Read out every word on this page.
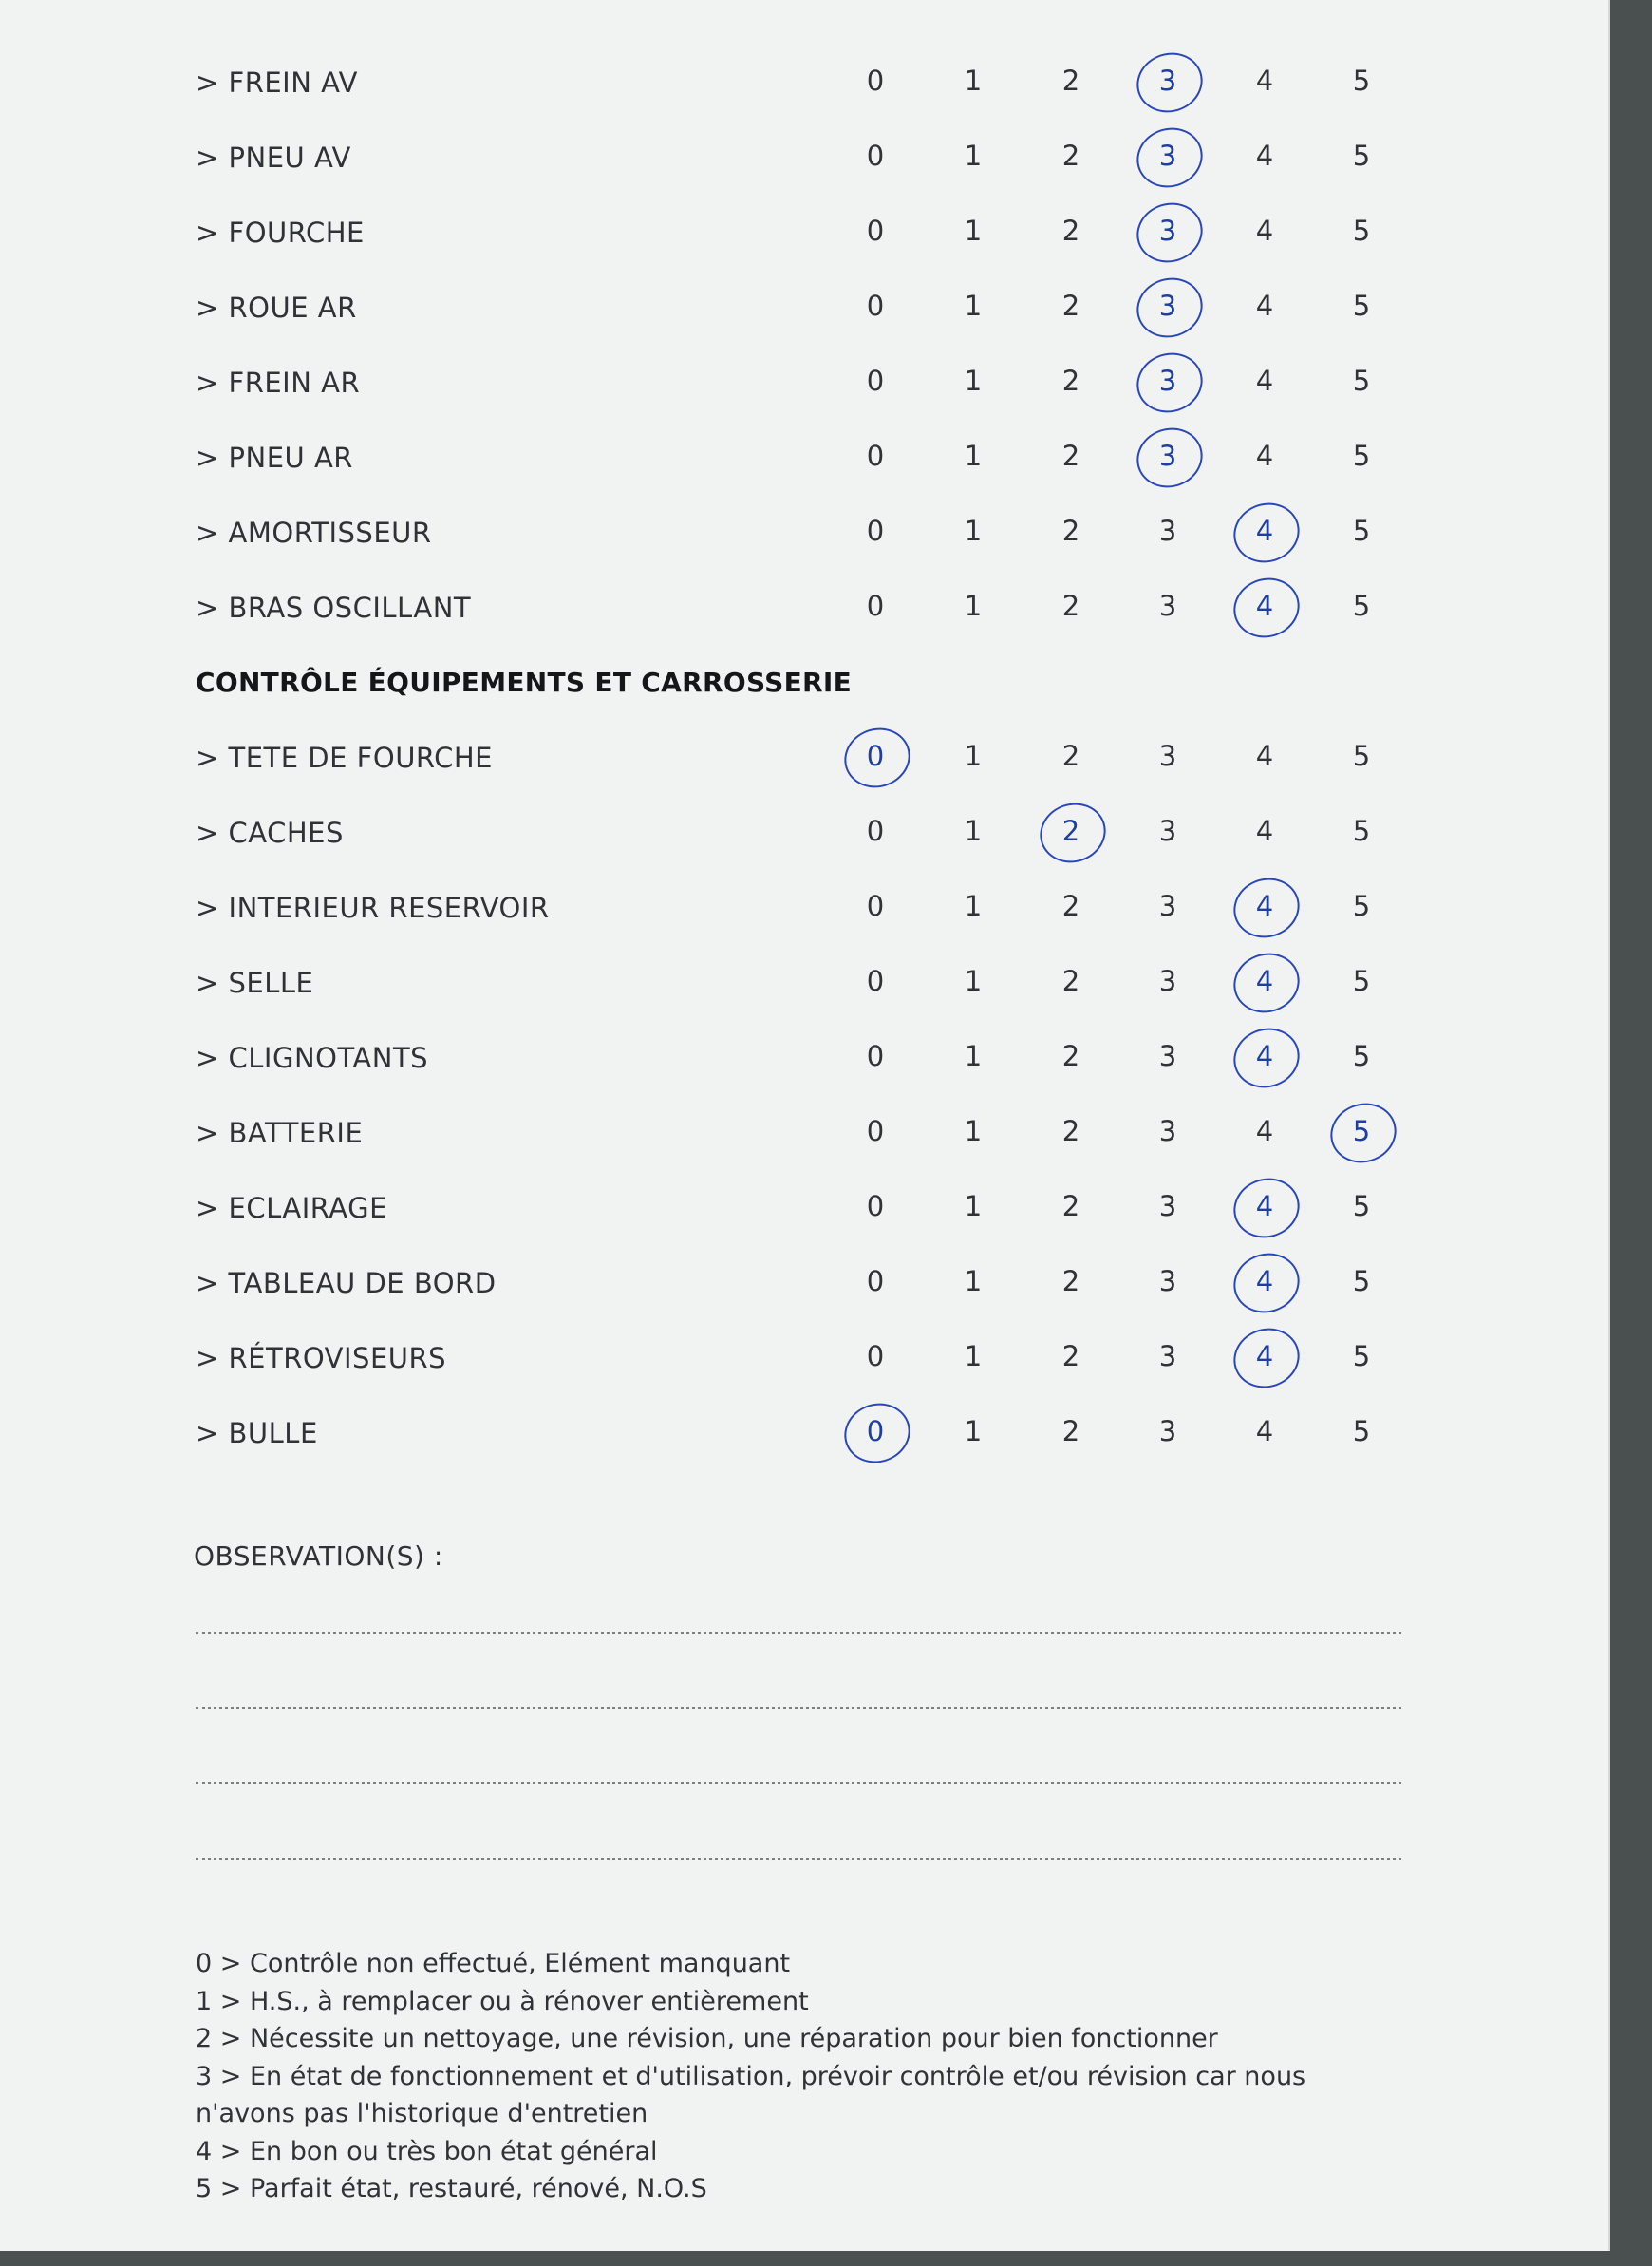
> FREIN AV	0	1	2	3	4	5
> PNEU AV	0	1	2	3	4	5
> FOURCHE	0	1	2	3	4	5
> ROUE AR	0	1	2	3	4	5
> FREIN AR	0	1	2	3	4	5
> PNEU AR	0	1	2	3	4	5
> AMORTISSEUR	0	1	2	3	4	5
> BRAS OSCILLANT	0	1	2	3	4	5
CONTRÔLE ÉQUIPEMENTS ET CARROSSERIE
> TETE DE FOURCHE	0	1	2	3	4	5
> CACHES	0	1	2	3	4	5
> INTERIEUR RESERVOIR	0	1	2	3	4	5
> SELLE	0	1	2	3	4	5
> CLIGNOTANTS	0	1	2	3	4	5
> BATTERIE	0	1	2	3	4	5
> ECLAIRAGE	0	1	2	3	4	5
> TABLEAU DE BORD	0	1	2	3	4	5
> RÉTROVISEURS	0	1	2	3	4	5
> BULLE	0	1	2	3	4	5
OBSERVATION(S) :
0 > Contrôle non effectué, Elément manquant
1 > H.S., à remplacer ou à rénover entièrement
2 > Nécessite un nettoyage, une révision, une réparation pour bien fonctionner
3 > En état de fonctionnement et d'utilisation, prévoir contrôle et/ou révision car nous n'avons pas l'historique d'entretien
4 > En bon ou très bon état général
5 > Parfait état, restauré, rénové, N.O.S
